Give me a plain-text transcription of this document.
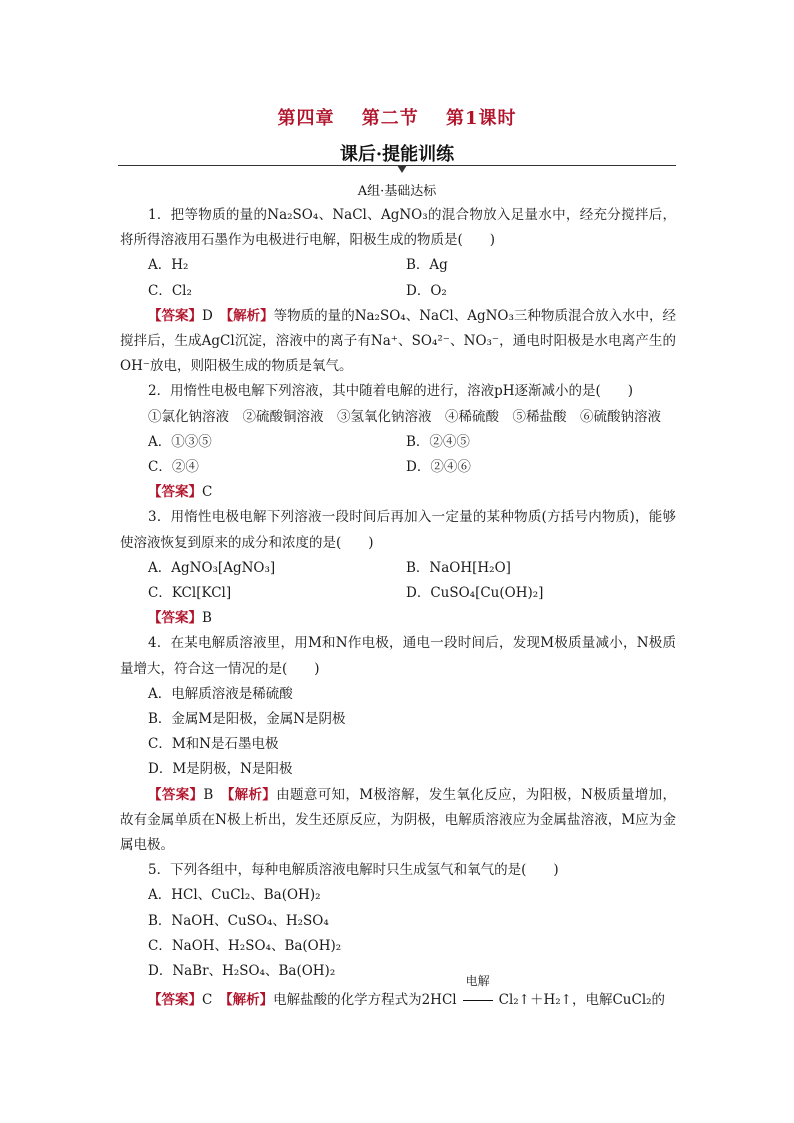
第四章 第二节 第1课时
课后·提能训练
A组·基础达标

1．把等物质的量的Na₂SO₄、NaCl、AgNO₃的混合物放入足量水中，经充分搅拌后，将所得溶液用石墨作为电极进行电解，阳极生成的物质是(　　)

A．H₂	B．Ag
C．Cl₂	D．O₂

【答案】D　【解析】等物质的量的Na₂SO₄、NaCl、AgNO₃三种物质混合放入水中，经搅拌后，生成AgCl沉淀，溶液中的离子有Na⁺、SO₄²⁻、NO₃⁻，通电时阳极是水电离产生的OH⁻放电，则阳极生成的物质是氧气。

2．用惰性电极电解下列溶液，其中随着电解的进行，溶液pH逐渐减小的是(　　)

①氯化钠溶液　②硫酸铜溶液　③氢氧化钠溶液　④稀硫酸　⑤稀盐酸　⑥硫酸钠溶液

A．①③⑤	B．②④⑤
C．②④	D．②④⑥

【答案】C

3．用惰性电极电解下列溶液一段时间后再加入一定量的某种物质(方括号内物质)，能够使溶液恢复到原来的成分和浓度的是(　　)

A．AgNO₃[AgNO₃]	B．NaOH[H₂O]
C．KCl[KCl]	D．CuSO₄[Cu(OH)₂]

【答案】B

4．在某电解质溶液里，用M和N作电极，通电一段时间后，发现M极质量减小，N极质量增大，符合这一情况的是(　　)

A．电解质溶液是稀硫酸

B．金属M是阳极，金属N是阴极

C．M和N是石墨电极

D．M是阴极，N是阳极

【答案】B　【解析】由题意可知，M极溶解，发生氧化反应，为阳极，N极质量增加，故有金属单质在N极上析出，发生还原反应，为阴极，电解质溶液应为金属盐溶液，M应为金属电极。

5．下列各组中，每种电解质溶液电解时只生成氢气和氧气的是(　　)

A．HCl、CuCl₂、Ba(OH)₂

B．NaOH、CuSO₄、H₂SO₄

C．NaOH、H₂SO₄、Ba(OH)₂

D．NaBr、H₂SO₄、Ba(OH)₂

【答案】C　【解析】电解盐酸的化学方程式为2HCl
电解
Cl₂↑＋H₂↑，电解CuCl₂的
